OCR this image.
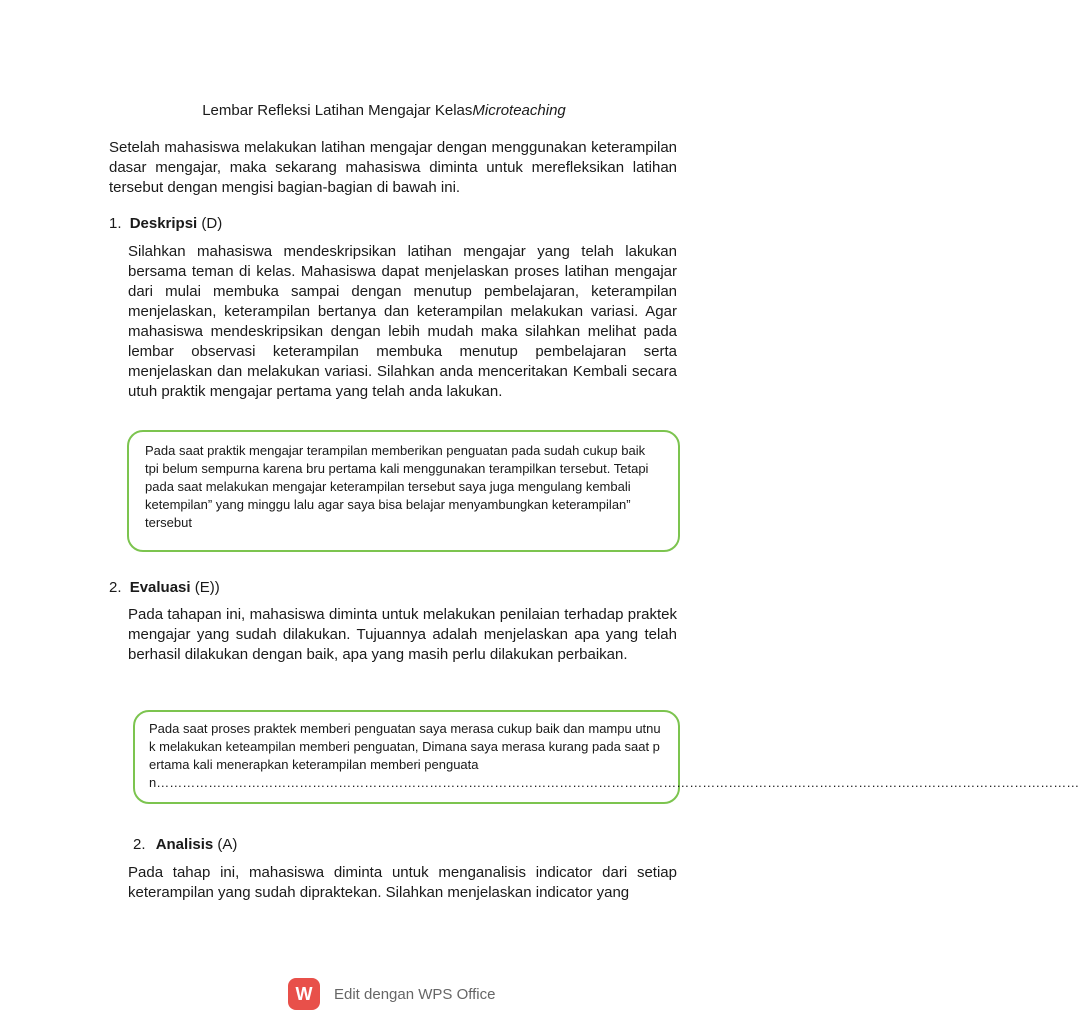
Lembar Refleksi Latihan Mengajar KelasMicroteaching
Setelah mahasiswa melakukan latihan mengajar dengan menggunakan keterampilan dasar mengajar, maka sekarang mahasiswa diminta untuk merefleksikan latihan tersebut dengan mengisi bagian-bagian di bawah ini.
1. Deskripsi (D)
Silahkan mahasiswa mendeskripsikan latihan mengajar yang telah lakukan bersama teman di kelas. Mahasiswa dapat menjelaskan proses latihan mengajar dari mulai membuka sampai dengan menutup pembelajaran, keterampilan menjelaskan, keterampilan bertanya dan keterampilan melakukan variasi. Agar mahasiswa mendeskripsikan dengan lebih mudah maka silahkan melihat pada lembar observasi keterampilan membuka menutup pembelajaran serta menjelaskan dan melakukan variasi. Silahkan anda menceritakan Kembali secara utuh praktik mengajar pertama yang telah anda lakukan.
Pada saat praktik mengajar terampilan memberikan penguatan pada sudah cukup baik tpi belum sempurna karena bru pertama kali menggunakan terampilkan tersebut. Tetapi pada saat melakukan mengajar keterampilan tersebut saya juga mengulang kembali ketempilan” yang minggu lalu agar saya bisa belajar menyambungkan keterampilan” tersebut
2. Evaluasi (E))
Pada tahapan ini, mahasiswa diminta untuk melakukan penilaian terhadap praktek mengajar yang sudah dilakukan. Tujuannya adalah menjelaskan apa yang telah berhasil dilakukan dengan baik, apa yang masih perlu dilakukan perbaikan.
Pada saat proses praktek memberi penguatan saya merasa cukup baik dan mampu utnuk melakukan keteampilan memberi penguatan, Dimana saya merasa kurang pada saat pertama kali menerapkan keterampilan memberi penguatan……………………………………………………………………………………………………………………………………………………………………………………………
2. Analisis (A)
Pada tahap ini, mahasiswa diminta untuk menganalisis indicator dari setiap keterampilan yang sudah dipraktekan. Silahkan menjelaskan indicator yang
W	Edit dengan WPS Office
